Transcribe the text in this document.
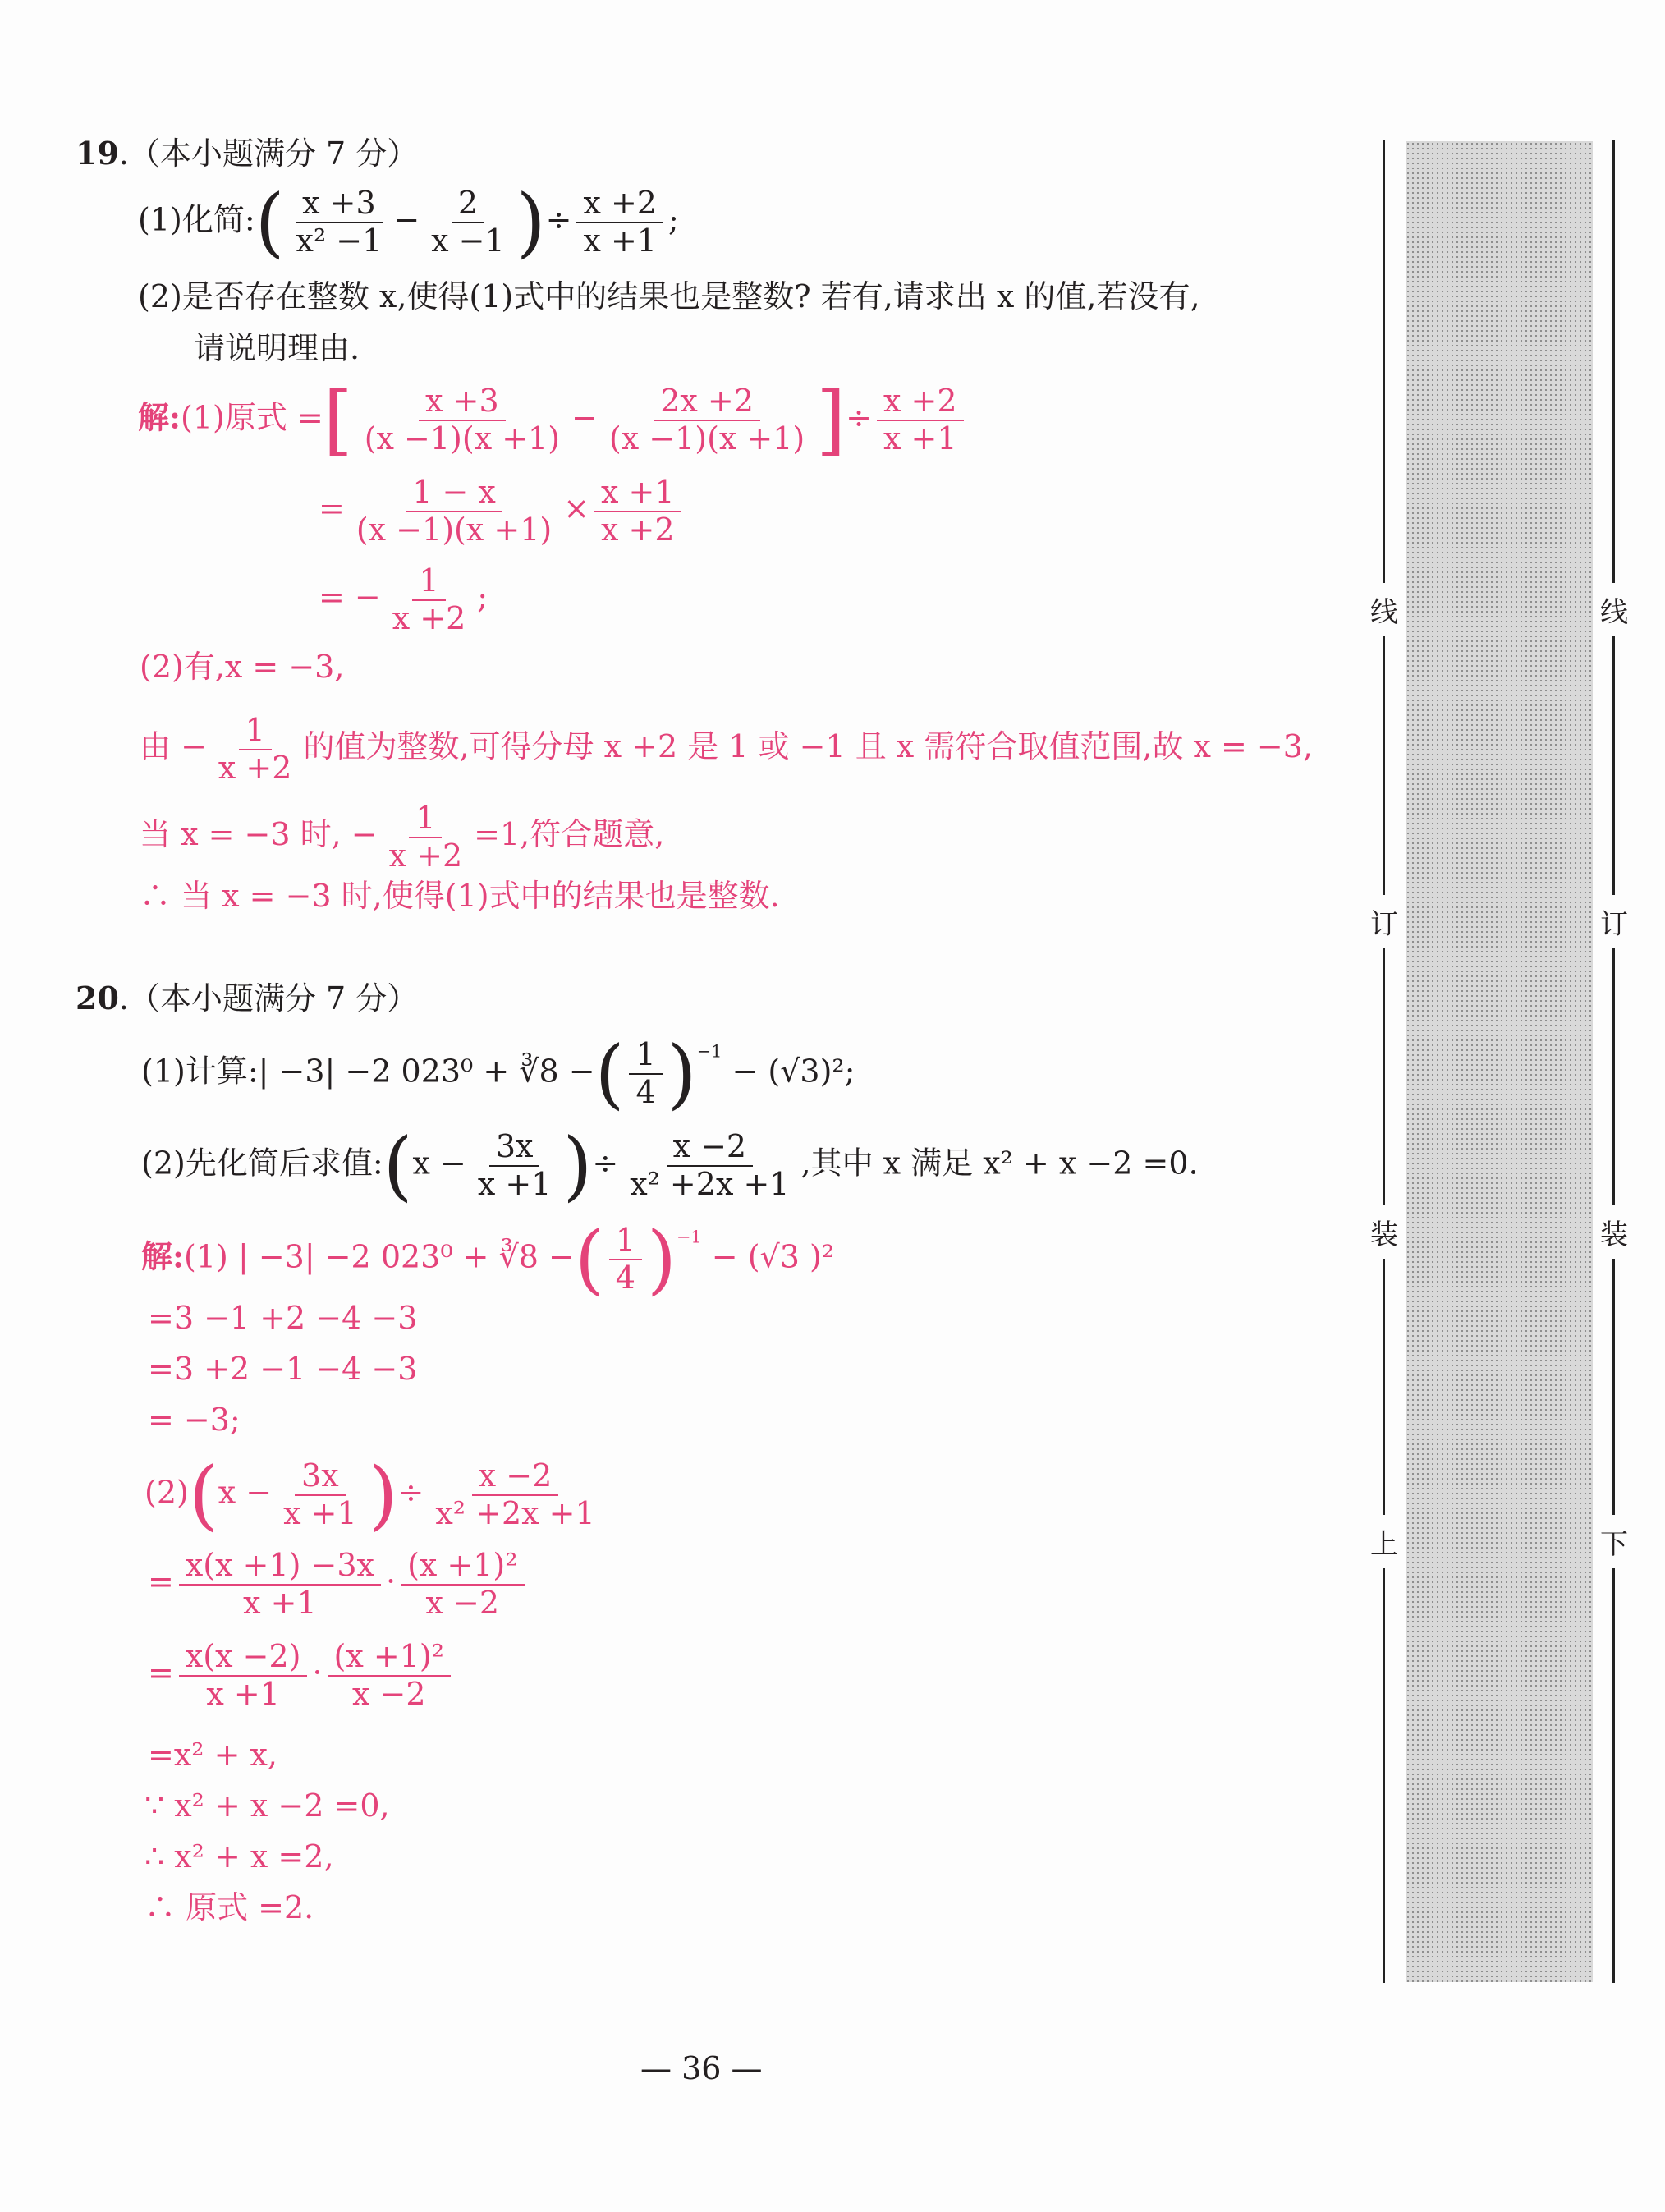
19.（本小题满分 7 分）
(1)化简:( $\frac{x +3}{\text{x² −1}} - \frac{2}{x -1}$ )÷ $\frac{x +2}{x +1}$ ;
(2)是否存在整数 x,使得(1)式中的结果也是整数? 若有,请求出 x 的值,若没有,
请说明理由.
解:(1)原式 =[ $\frac{x +3}{(x -1)(x +1)} - \frac{2x +2}{(x -1)(x +1)}$ ]÷ $\frac{x +2}{x +1}$
= $\frac{1 - x}{(x -1)(x +1)} \times \frac{x +1}{x +2}$
= − $\frac{1}{x +2}$ ;
(2)有,x = −3,
由 − $\frac{1}{x +2}$ 的值为整数,可得分母 x +2 是 1 或 −1 且 x 需符合取值范围,故 x = −3,
当 x = −3 时, − $\frac{1}{x +2} =1$,符合题意,
∴ 当 x = −3 时,使得(1)式中的结果也是整数.
20.（本小题满分 7 分）
(1)计算:| −3| −2 023⁰ + ∛8 −( $\frac{1}{4} )^{-1} - (√3)^2$;
(2)先化简后求值:(x − $\frac{3x}{x +1}$ )÷ $\frac{x -2}{\text{x² +2x +1}}$ ,其中 x 满足 x² + x −2 =0.
解:(1) | −3| −2 023⁰ + ∛8 −( $\frac{1}{4} )^{-1} - (√3$ )²
=3 −1 +2 −4 −3
=3 +2 −1 −4 −3
= −3;
$(2)(x - \frac{3x}{x +1}$ )÷ $\frac{x -2}{\text{x² +2x +1}}$
= $\frac{x(x +1) -3x}{x +1} \cdot \frac{\text{(x +1)²}}{x -2}$
= $\frac{x(x -2)}{x +1} \cdot \frac{\text{(x +1)²}}{x -2}$
=x² + x,
∵ x² + x −2 =0,
∴ x² + x =2,
∴ 原式 =2.
— 36 —
线
订
装
上
线
订
装
下
